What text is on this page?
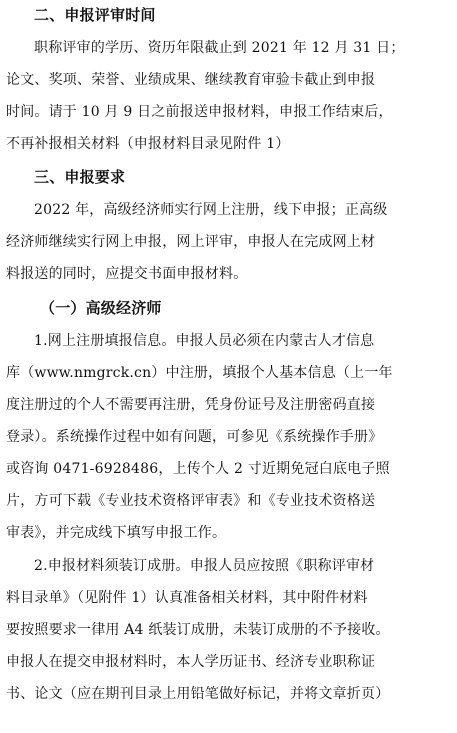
二、申报评审时间
职称评审的学历、资历年限截止到 2021 年 12 月 31 日；
论文、奖项、荣誉、业绩成果、继续教育审验卡截止到申报
时间。请于 10 月 9 日之前报送申报材料，申报工作结束后，
不再补报相关材料（申报材料目录见附件 1）
三、申报要求
2022 年，高级经济师实行网上注册，线下申报；正高级
经济师继续实行网上申报，网上评审，申报人在完成网上材
料报送的同时，应提交书面申报材料。
（一）高级经济师
1.网上注册填报信息。申报人员必须在内蒙古人才信息
库（www.nmgrck.cn）中注册，填报个人基本信息（上一年
度注册过的个人不需要再注册，凭身份证号及注册密码直接
登录）。系统操作过程中如有问题，可参见《系统操作手册》
或咨询 0471-6928486，上传个人 2 寸近期免冠白底电子照
片，方可下载《专业技术资格评审表》和《专业技术资格送
审表》，并完成线下填写申报工作。
2.申报材料须装订成册。申报人员应按照《职称评审材
料目录单》（见附件 1）认真准备相关材料，其中附件材料
要按照要求一律用 A4 纸装订成册，未装订成册的不予接收。
申报人在提交申报材料时，本人学历证书、经济专业职称证
书、论文（应在期刊目录上用铅笔做好标记，并将文章折页）
